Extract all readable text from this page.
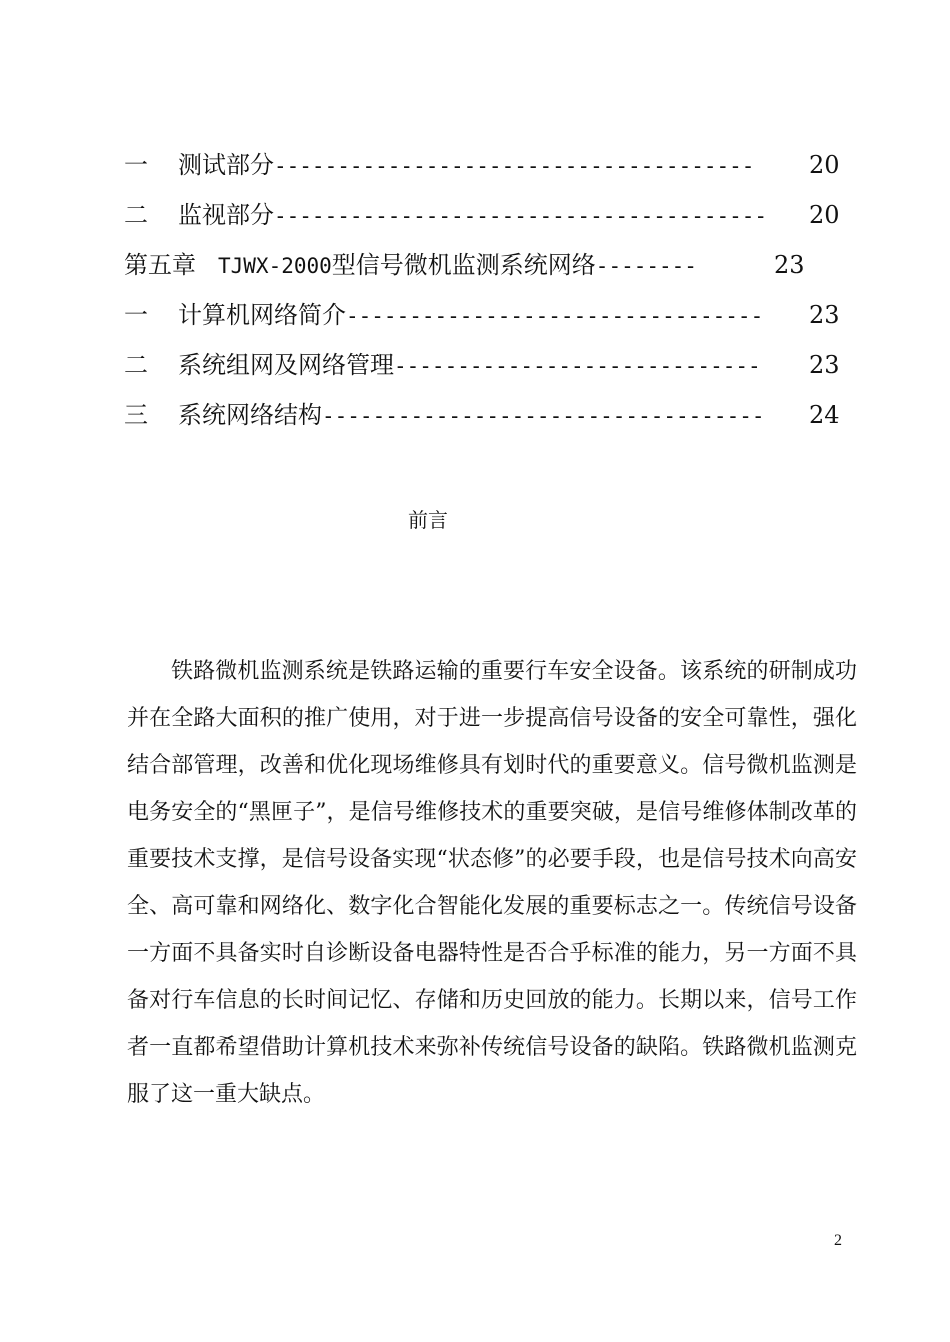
一 测试部分-------------------------------------- 20
二 监视部分--------------------------------------- 20
第五章 TJWX-2000型信号微机监测系统网络--------	23
一 计算机网络简介--------------------------------- 23
二 系统组网及网络管理----------------------------- 23
三 系统网络结构----------------------------------- 24
前言

铁路微机监测系统是铁路运输的重要行车安全设备。该系统的研制成功并在全路大面积的推广使用，对于进一步提高信号设备的安全可靠性，强化结合部管理，改善和优化现场维修具有划时代的重要意义。信号微机监测是电务安全的“黑匣子”，是信号维修技术的重要突破，是信号维修体制改革的重要技术支撑，是信号设备实现“状态修”的必要手段，也是信号技术向高安全、高可靠和网络化、数字化合智能化发展的重要标志之一。传统信号设备一方面不具备实时自诊断设备电器特性是否合乎标准的能力，另一方面不具备对行车信息的长时间记忆、存储和历史回放的能力。长期以来，信号工作者一直都希望借助计算机技术来弥补传统信号设备的缺陷。铁路微机监测克服了这一重大缺点。

2
